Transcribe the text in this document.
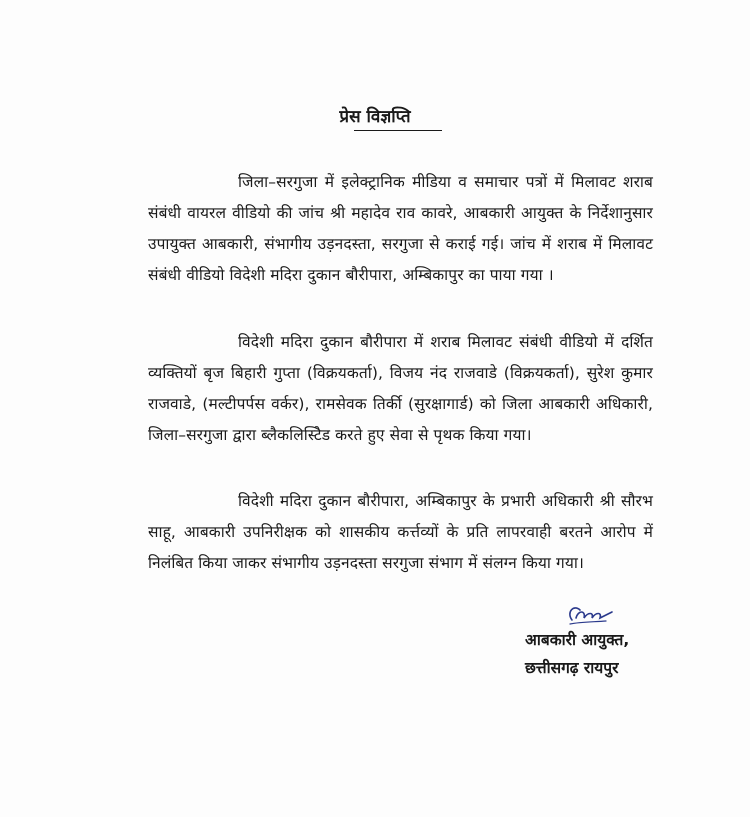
प्रेस विज्ञप्ति

जिला–सरगुजा में इलेक्ट्रानिक मीडिया व समाचार पत्रों में मिलावट शराब संबंधी वायरल वीडियो की जांच श्री महादेव राव कावरे, आबकारी आयुक्त के निर्देशानुसार उपायुक्त आबकारी, संभागीय उड़नदस्ता, सरगुजा से कराई गई। जांच में शराब में मिलावट संबंधी वीडियो विदेशी मदिरा दुकान बौरीपारा, अम्बिकापुर का पाया गया ।

विदेशी मदिरा दुकान बौरीपारा में शराब मिलावट संबंधी वीडियो में दर्शित व्यक्तियों बृज बिहारी गुप्ता (विक्रयकर्ता), विजय नंद राजवाडे (विक्रयकर्ता), सुरेश कुमार राजवाडे, (मल्टीपर्पस वर्कर), रामसेवक तिर्की (सुरक्षागार्ड) को जिला आबकारी अधिकारी, जिला–सरगुजा द्वारा ब्लैकलिस्टिेड करते हुए सेवा से पृथक किया गया।

विदेशी मदिरा दुकान बौरीपारा, अम्बिकापुर के प्रभारी अधिकारी श्री सौरभ साहू, आबकारी उपनिरीक्षक को शासकीय कर्त्तव्यों के प्रति लापरवाही बरतने आरोप में निलंबित किया जाकर संभागीय उड़नदस्ता सरगुजा संभाग में संलग्न किया गया।

आबकारी आयुक्त,
छत्तीसगढ़ रायपुर
